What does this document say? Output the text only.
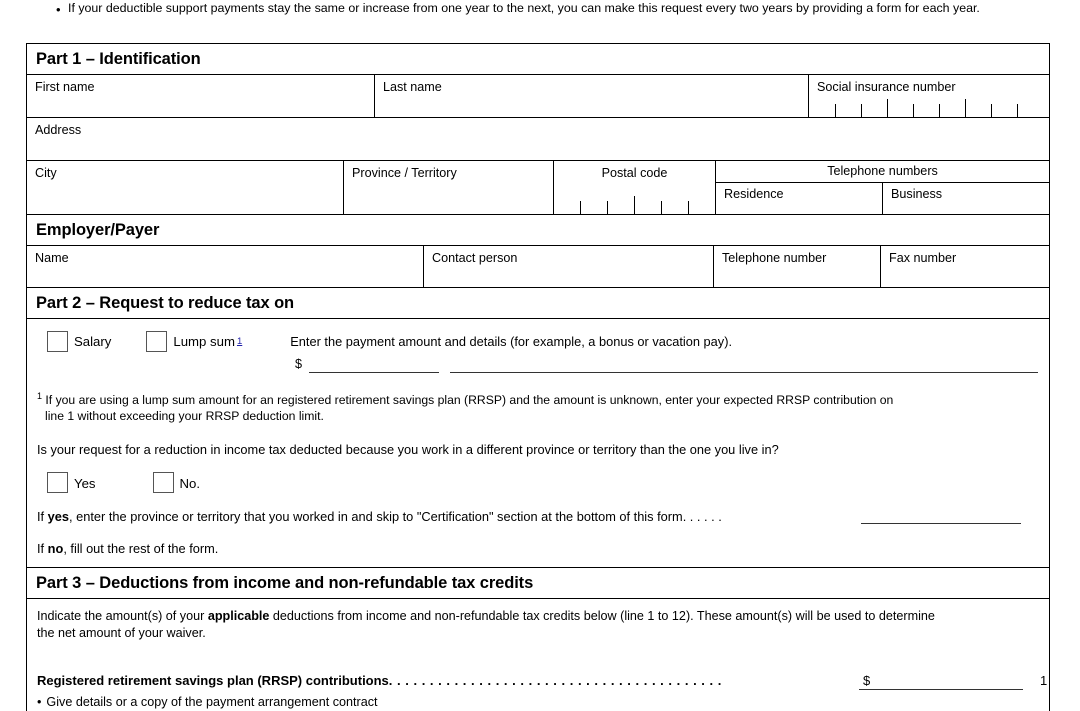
• If your deductible support payments stay the same or increase from one year to the next, you can make this request every two years by providing a form for each year.
Part 1 – Identification
First name	Last name	Social insurance number
Address
City	Province / Territory	Postal code	Telephone numbers
Residence	Business
Employer/Payer
Name	Contact person	Telephone number	Fax number
Part 2 – Request to reduce tax on
Salary	Lump sum 1	Enter the payment amount and details (for example, a bonus or vacation pay).
$
$^1$ If you are using a lump sum amount for an registered retirement savings plan (RRSP) and the amount is unknown, enter your expected RRSP contribution on
line 1 without exceeding your RRSP deduction limit.
Is your request for a reduction in income tax deducted because you work in a different province or territory than the one you live in?
Yes	No.
If yes, enter the province or territory that you worked in and skip to "Certification" section at the bottom of this form. . . . . .
If no, fill out the rest of the form.
Part 3 – Deductions from income and non-refundable tax credits
Indicate the amount(s) of your applicable deductions from income and non-refundable tax credits below (line 1 to 12). These amount(s) will be used to determine
the net amount of your waiver.
Registered retirement savings plan (RRSP) contributions. . . . . . . . . . . . . . . . . . . . . . . . . . . . . . . . . . . . . . . . .	$	1
• Give details or a copy of the payment arrangement contract
